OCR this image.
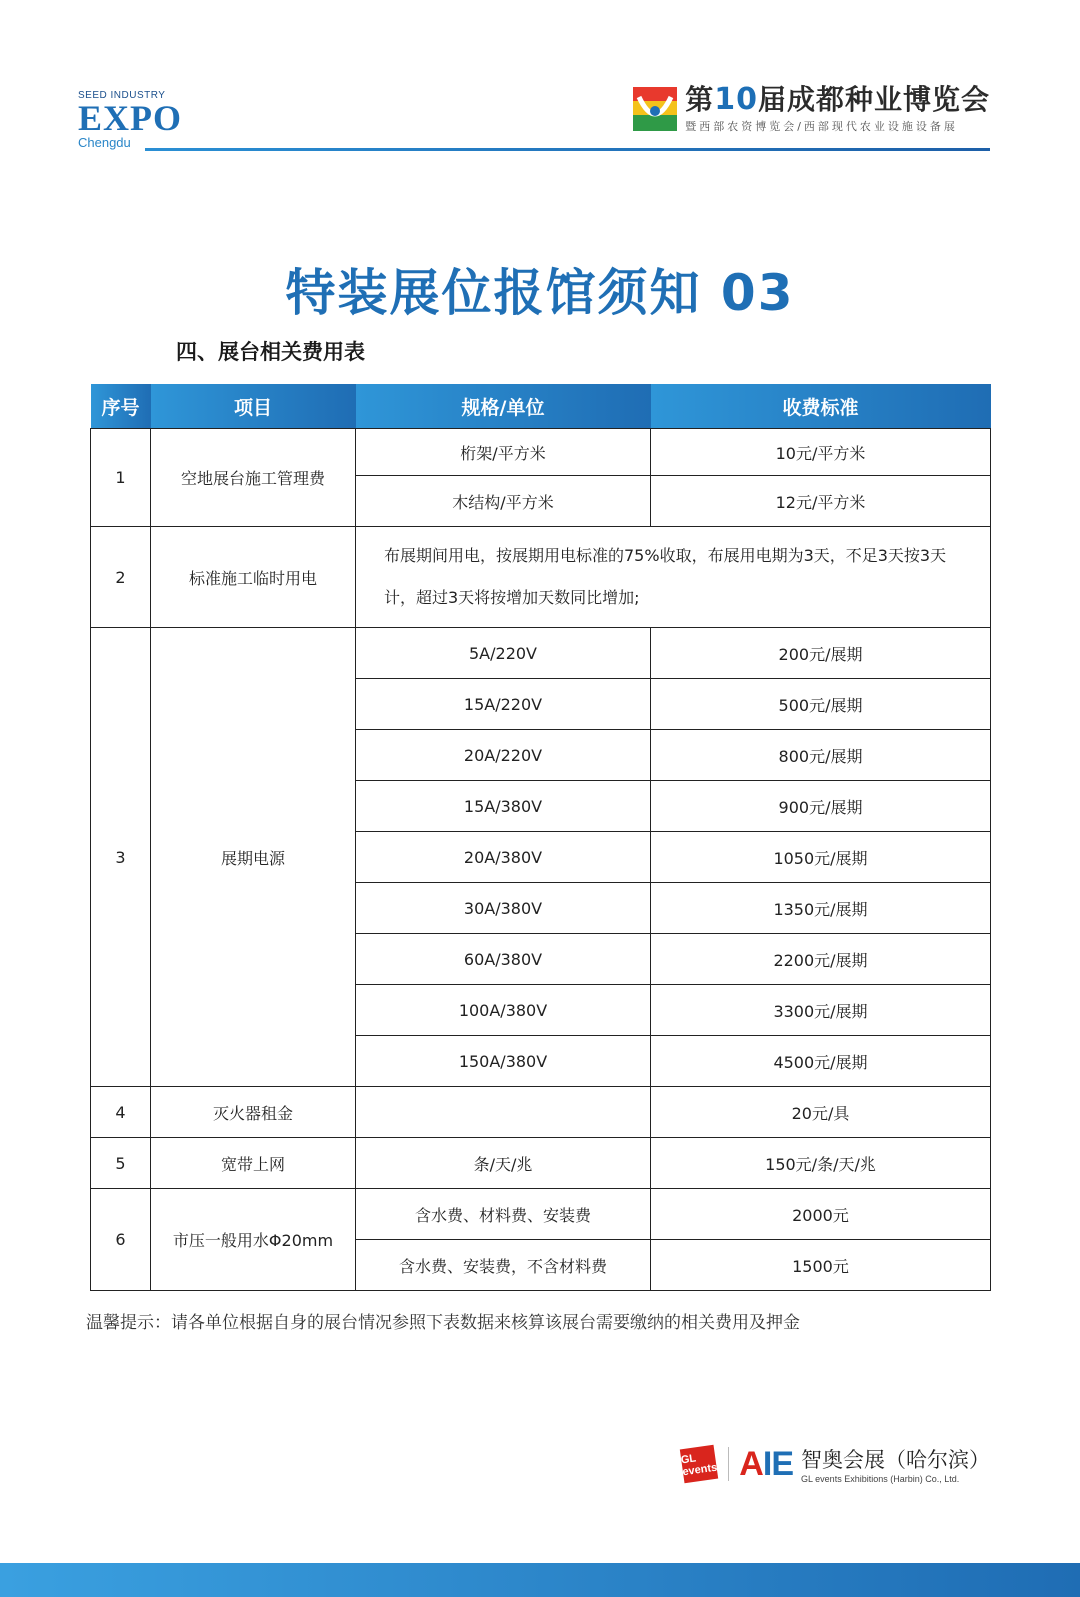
SEED INDUSTRY
EXPO
Chengdu
第10届成都种业博览会
暨西部农资博览会/西部现代农业设施设备展
特装展位报馆须知 03
四、展台相关费用表
序号	项目	规格/单位	收费标准
1	空地展台施工管理费	桁架/平方米	10元/平方米
		木结构/平方米	12元/平方米
2	标准施工临时用电	布展期间用电，按展期用电标准的75%收取，布展用电期为3天，不足3天按3天计，超过3天将按增加天数同比增加;	
3	展期电源	5A/220V	200元/展期
		15A/220V	500元/展期
		20A/220V	800元/展期
		15A/380V	900元/展期
		20A/380V	1050元/展期
		30A/380V	1350元/展期
		60A/380V	2200元/展期
		100A/380V	3300元/展期
		150A/380V	4500元/展期
4	灭火器租金		20元/具
5	宽带上网	条/天/兆	150元/条/天/兆
6	市压一般用水Φ20mm	含水费、材料费、安装费	2000元
		含水费、安装费，不含材料费	1500元
温馨提示：请各单位根据自身的展台情况参照下表数据来核算该展台需要缴纳的相关费用及押金
GL events AIE 智奥会展（哈尔滨）
GL events Exhibitions (Harbin) Co., Ltd.
